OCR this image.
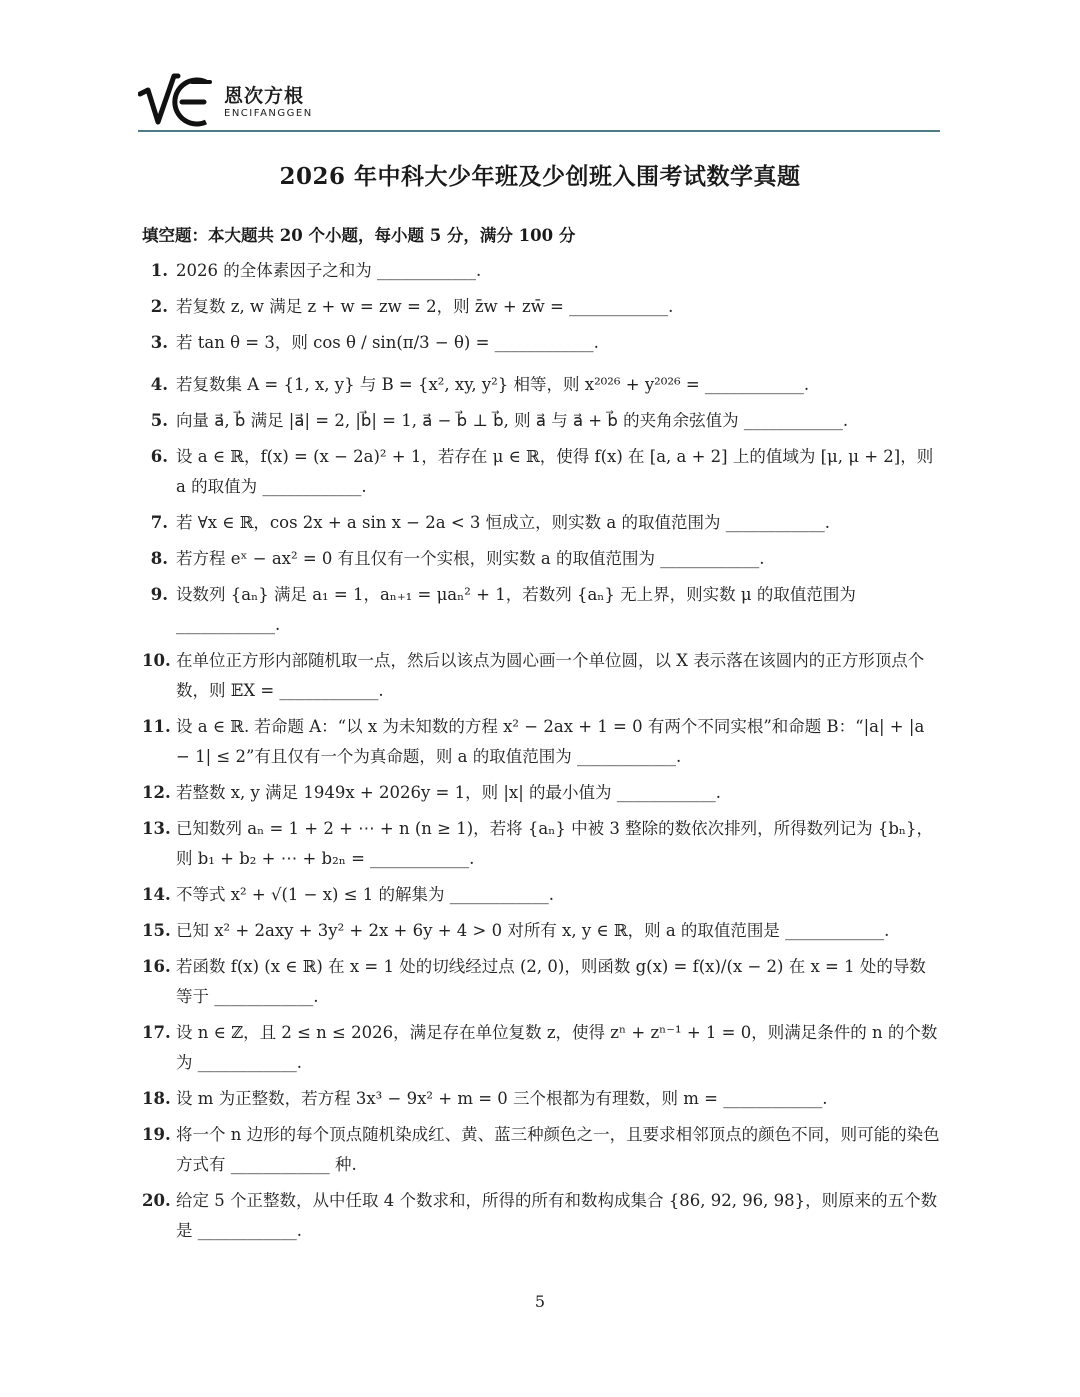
恩次方根
ENCIFANGGEN
2026 年中科大少年班及少创班入围考试数学真题
填空题：本大题共 20 个小题，每小题 5 分，满分 100 分
1. 2026 的全体素因子之和为 ____________.
2. 若复数 z, w 满足 z + w = zw = 2，则 z̄w + zw̄ = ____________.
3. 若 tan θ = 3，则 cos θ / sin(π/3 − θ) = ____________.
4. 若复数集 A = {1, x, y} 与 B = {x², xy, y²} 相等，则 x²⁰²⁶ + y²⁰²⁶ = ____________.
5. 向量 a⃗, b⃗ 满足 |a⃗| = 2, |b⃗| = 1, a⃗ − b⃗ ⊥ b⃗, 则 a⃗ 与 a⃗ + b⃗ 的夹角余弦值为 ____________.
6. 设 a ∈ ℝ，f(x) = (x − 2a)² + 1，若存在 μ ∈ ℝ，使得 f(x) 在 [a, a + 2] 上的值域为 [μ, μ + 2]，则 a 的取值为 ____________.
7. 若 ∀x ∈ ℝ，cos 2x + a sin x − 2a < 3 恒成立，则实数 a 的取值范围为 ____________.
8. 若方程 eˣ − ax² = 0 有且仅有一个实根，则实数 a 的取值范围为 ____________.
9. 设数列 {aₙ} 满足 a₁ = 1，aₙ₊₁ = μaₙ² + 1，若数列 {aₙ} 无上界，则实数 μ 的取值范围为 ____________.
10. 在单位正方形内部随机取一点，然后以该点为圆心画一个单位圆，以 X 表示落在该圆内的正方形顶点个数，则 𝔼X = ____________.
11. 设 a ∈ ℝ. 若命题 A：“以 x 为未知数的方程 x² − 2ax + 1 = 0 有两个不同实根”和命题 B：“|a| + |a − 1| ≤ 2”有且仅有一个为真命题，则 a 的取值范围为 ____________.
12. 若整数 x, y 满足 1949x + 2026y = 1，则 |x| 的最小值为 ____________.
13. 已知数列 aₙ = 1 + 2 + ⋯ + n (n ≥ 1)，若将 {aₙ} 中被 3 整除的数依次排列，所得数列记为 {bₙ}，则 b₁ + b₂ + ⋯ + b₂ₙ = ____________.
14. 不等式 x² + √(1 − x) ≤ 1 的解集为 ____________.
15. 已知 x² + 2axy + 3y² + 2x + 6y + 4 > 0 对所有 x, y ∈ ℝ，则 a 的取值范围是 ____________.
16. 若函数 f(x) (x ∈ ℝ) 在 x = 1 处的切线经过点 (2, 0)，则函数 g(x) = f(x)/(x − 2) 在 x = 1 处的导数等于 ____________.
17. 设 n ∈ ℤ，且 2 ≤ n ≤ 2026，满足存在单位复数 z，使得 zⁿ + zⁿ⁻¹ + 1 = 0，则满足条件的 n 的个数为 ____________.
18. 设 m 为正整数，若方程 3x³ − 9x² + m = 0 三个根都为有理数，则 m = ____________.
19. 将一个 n 边形的每个顶点随机染成红、黄、蓝三种颜色之一，且要求相邻顶点的颜色不同，则可能的染色方式有 ____________ 种.
20. 给定 5 个正整数，从中任取 4 个数求和，所得的所有和数构成集合 {86, 92, 96, 98}，则原来的五个数是 ____________.
5
